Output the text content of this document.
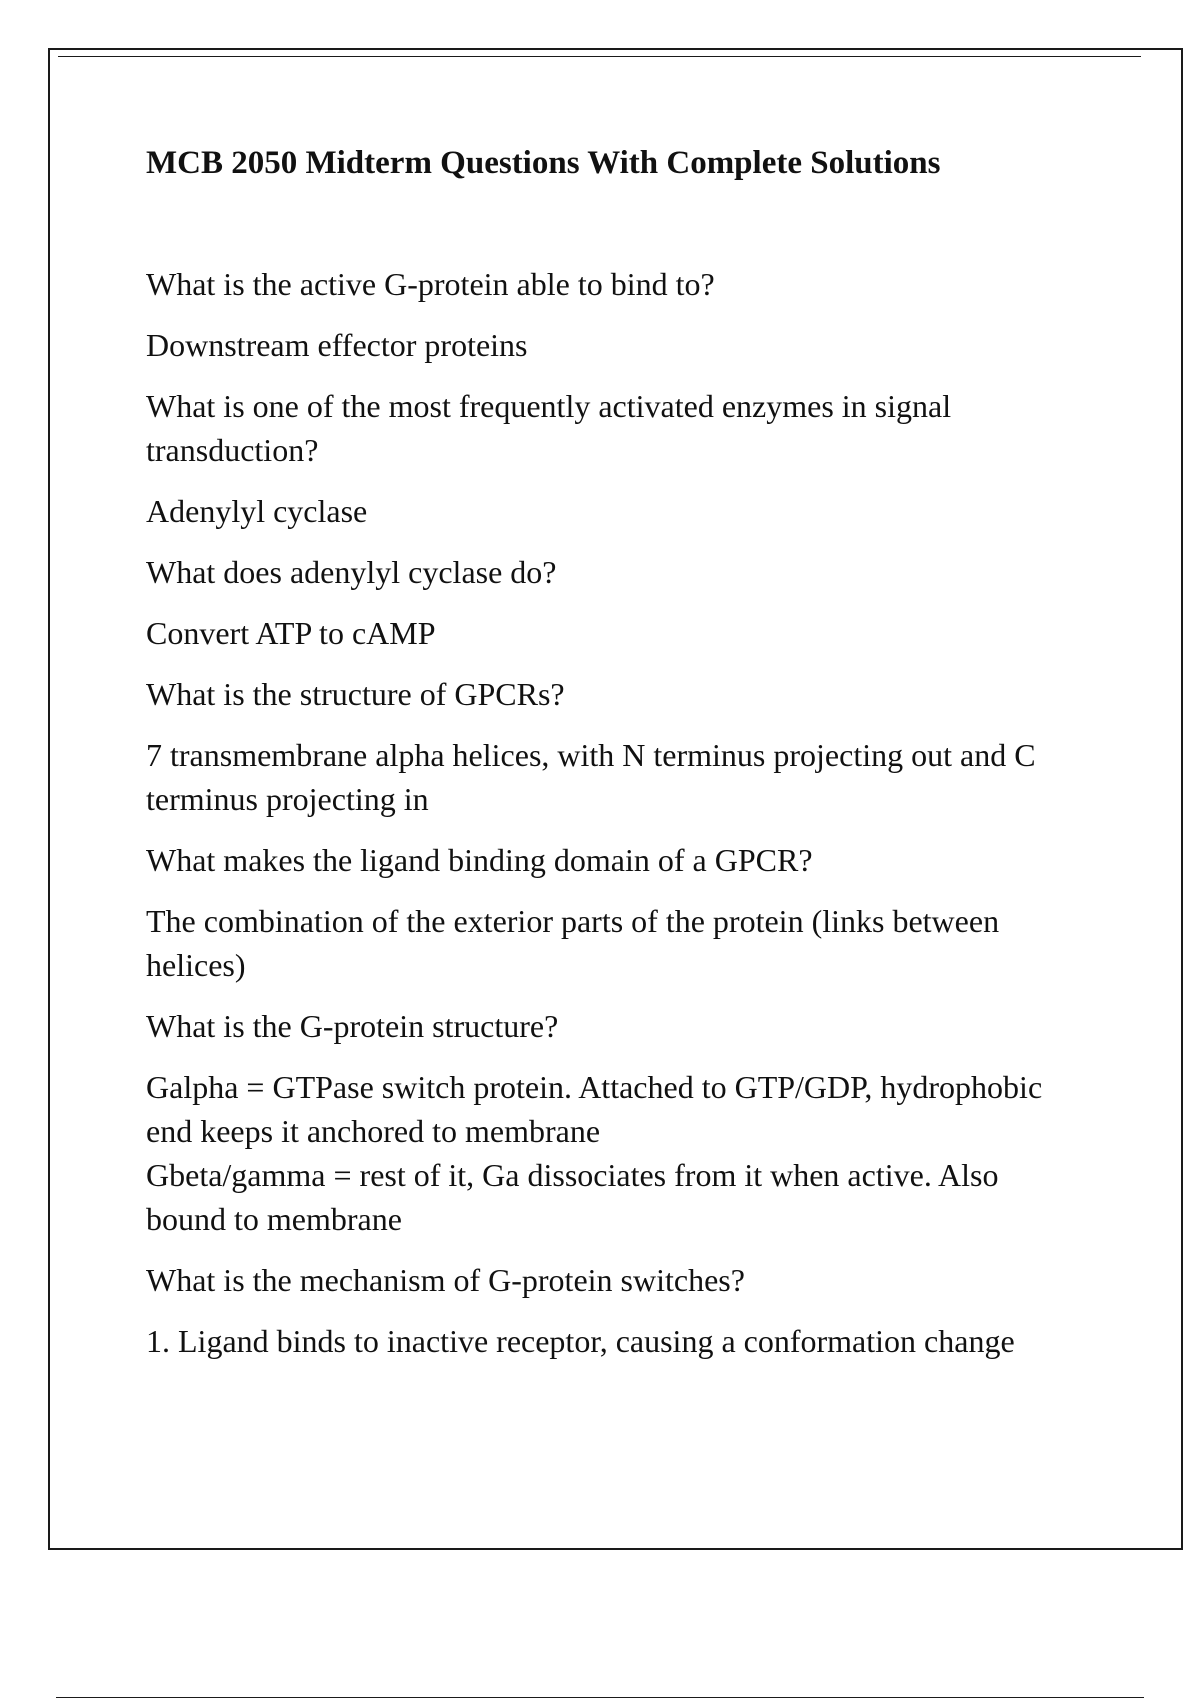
MCB 2050 Midterm Questions With Complete Solutions

What is the active G-protein able to bind to?

Downstream effector proteins

What is one of the most frequently activated enzymes in signal transduction?

Adenylyl cyclase

What does adenylyl cyclase do?

Convert ATP to cAMP

What is the structure of GPCRs?

7 transmembrane alpha helices, with N terminus projecting out and C terminus projecting in

What makes the ligand binding domain of a GPCR?

The combination of the exterior parts of the protein (links between helices)

What is the G-protein structure?

Galpha = GTPase switch protein. Attached to GTP/GDP, hydrophobic end keeps it anchored to membrane
Gbeta/gamma = rest of it, Ga dissociates from it when active. Also bound to membrane

What is the mechanism of G-protein switches?

1. Ligand binds to inactive receptor, causing a conformation change
